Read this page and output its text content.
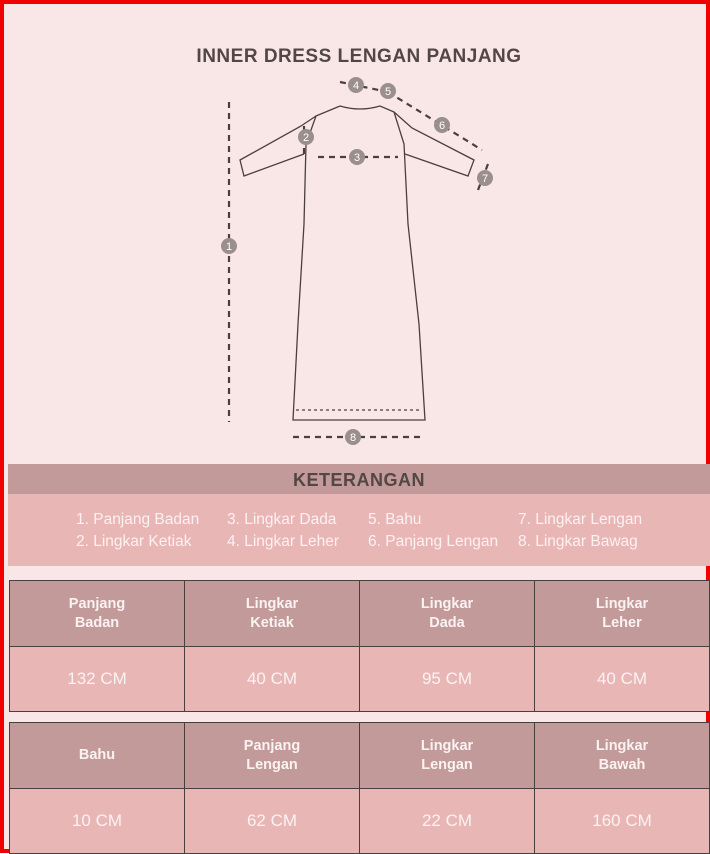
INNER DRESS LENGAN PANJANG
1
2
3
4 5
6
7
8
KETERANGAN
1. Panjang Badan
2. Lingkar Ketiak
3. Lingkar Dada
4. Lingkar Leher
5. Bahu
6. Panjang Lengan
7. Lingkar Lengan
8. Lingkar Bawag
Panjang Badan	Lingkar Ketiak	Lingkar Dada	Lingkar Leher
132 CM	40 CM	95 CM	40 CM
Bahu	Panjang Lengan	Lingkar Lengan	Lingkar Bawah
10 CM	62 CM	22 CM	160 CM
